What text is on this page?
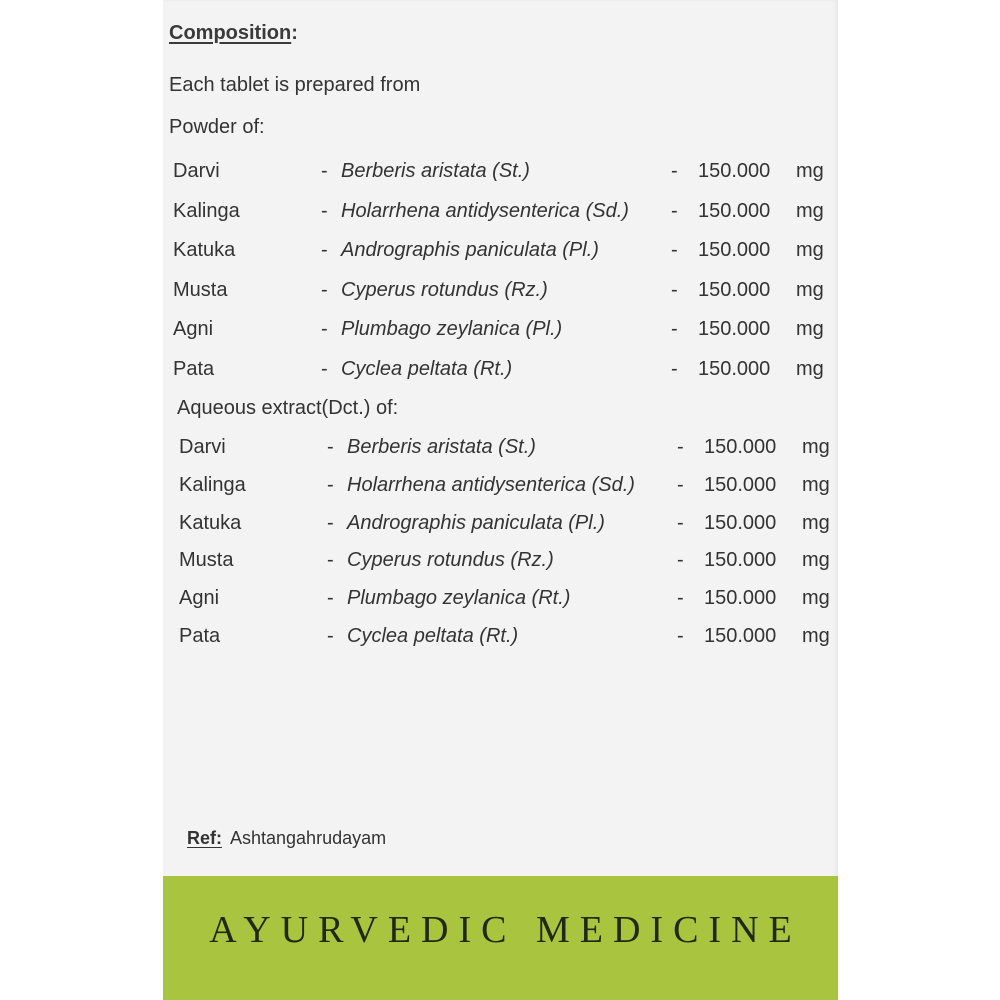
Composition:
Each tablet is prepared from
Powder of:
Darvi	- Berberis aristata (St.)	- 150.000 mg
Kalinga	- Holarrhena antidysenterica (Sd.) - 150.000 mg
Katuka	- Andrographis paniculata (Pl.)	- 150.000 mg
Musta	- Cyperus rotundus (Rz.)	- 150.000 mg
Agni	- Plumbago zeylanica (Pl.)	- 150.000 mg
Pata	- Cyclea peltata (Rt.)	- 150.000 mg
Aqueous extract(Dct.) of:
Darvi	- Berberis aristata (St.)	- 150.000 mg
Kalinga	- Holarrhena antidysenterica (Sd.) - 150.000 mg
Katuka	- Andrographis paniculata (Pl.)	- 150.000 mg
Musta	- Cyperus rotundus (Rz.)	- 150.000 mg
Agni	- Plumbago zeylanica (Rt.)	- 150.000 mg
Pata	- Cyclea peltata (Rt.)	- 150.000 mg
Ref: Ashtangahrudayam
AYURVEDIC MEDICINE
